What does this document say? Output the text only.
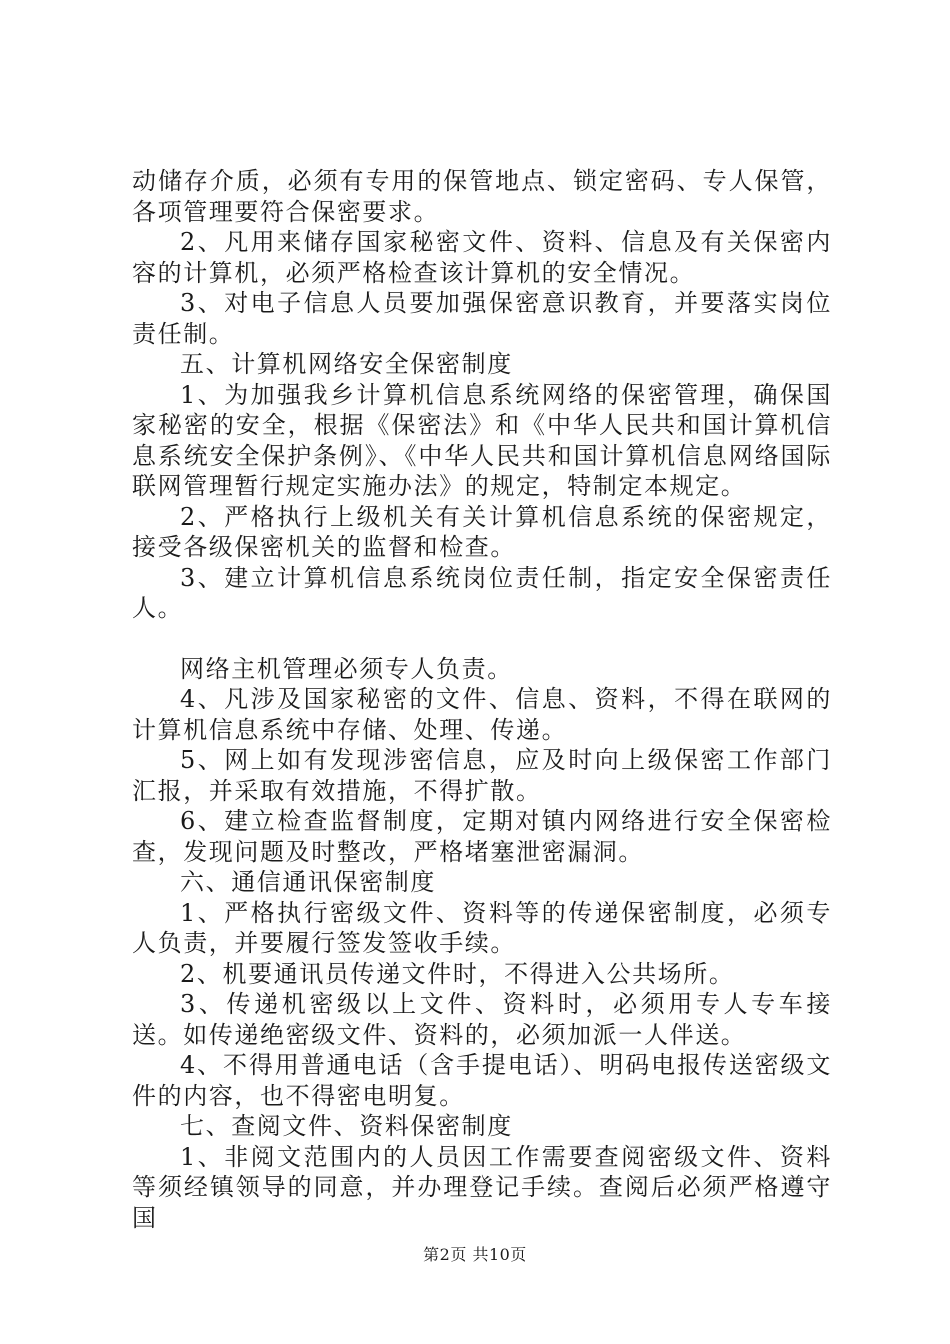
动储存介质，必须有专用的保管地点、锁定密码、专人保管，各项管理要符合保密要求。

2、凡用来储存国家秘密文件、资料、信息及有关保密内容的计算机，必须严格检查该计算机的安全情况。

3、对电子信息人员要加强保密意识教育，并要落实岗位责任制。

五、计算机网络安全保密制度

1、为加强我乡计算机信息系统网络的保密管理，确保国家秘密的安全，根据《保密法》和《中华人民共和国计算机信息系统安全保护条例》、《中华人民共和国计算机信息网络国际联网管理暂行规定实施办法》的规定，特制定本规定。

2、严格执行上级机关有关计算机信息系统的保密规定，接受各级保密机关的监督和检查。

3、建立计算机信息系统岗位责任制，指定安全保密责任人。

网络主机管理必须专人负责。

4、凡涉及国家秘密的文件、信息、资料，不得在联网的计算机信息系统中存储、处理、传递。

5、网上如有发现涉密信息，应及时向上级保密工作部门汇报，并采取有效措施，不得扩散。

6、建立检查监督制度，定期对镇内网络进行安全保密检查，发现问题及时整改，严格堵塞泄密漏洞。

六、通信通讯保密制度

1、严格执行密级文件、资料等的传递保密制度，必须专人负责，并要履行签发签收手续。

2、机要通讯员传递文件时，不得进入公共场所。

3、传递机密级以上文件、资料时，必须用专人专车接送。如传递绝密级文件、资料的，必须加派一人伴送。

4、不得用普通电话（含手提电话）、明码电报传送密级文件的内容，也不得密电明复。

七、查阅文件、资料保密制度

1、非阅文范围内的人员因工作需要查阅密级文件、资料等须经镇领导的同意，并办理登记手续。查阅后必须严格遵守国

第2页 共10页
